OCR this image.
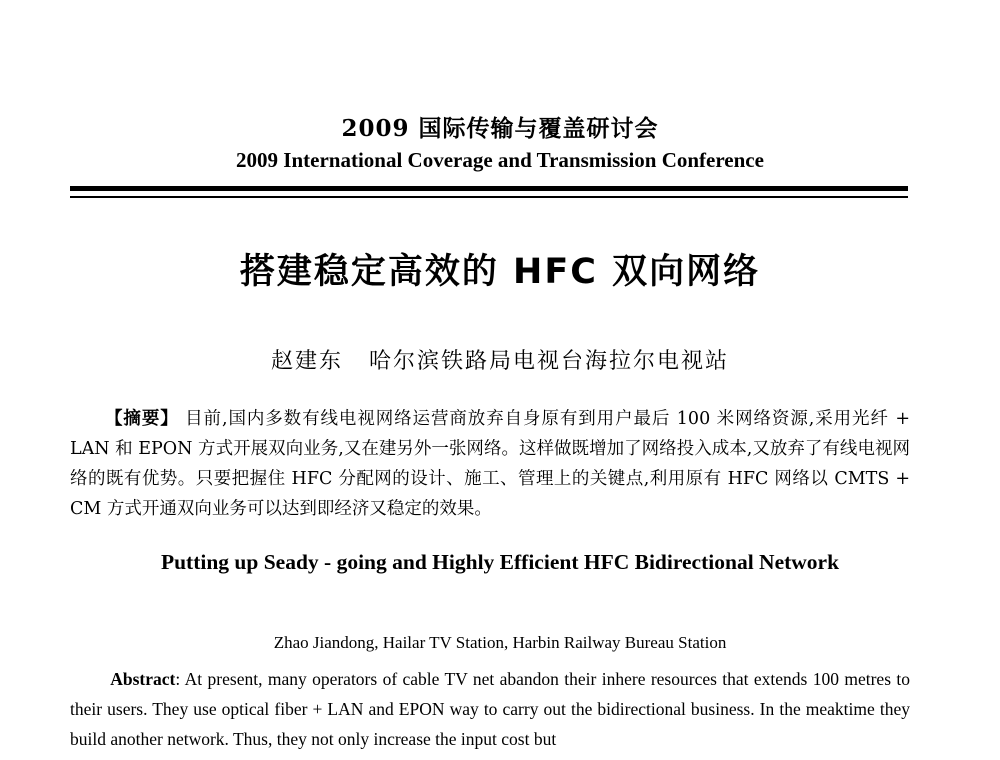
2009 国际传输与覆盖研讨会
2009 International Coverage and Transmission Conference
搭建稳定高效的 HFC 双向网络
赵建东 哈尔滨铁路局电视台海拉尔电视站
【摘要】 目前,国内多数有线电视网络运营商放弃自身原有到用户最后 100 米网络资源,采用光纤 + LAN 和 EPON 方式开展双向业务,又在建另外一张网络。这样做既增加了网络投入成本,又放弃了有线电视网络的既有优势。只要把握住 HFC 分配网的设计、施工、管理上的关键点,利用原有 HFC 网络以 CMTS + CM 方式开通双向业务可以达到即经济又稳定的效果。
Putting up Seady - going and Highly Efficient HFC Bidirectional Network
Zhao Jiandong, Hailar TV Station, Harbin Railway Bureau Station
Abstract: At present, many operators of cable TV net abandon their inhere resources that extends 100 metres to their users. They use optical fiber + LAN and EPON way to carry out the bidirectional business. In the meaktime they build another network. Thus, they not only increase the input cost but
